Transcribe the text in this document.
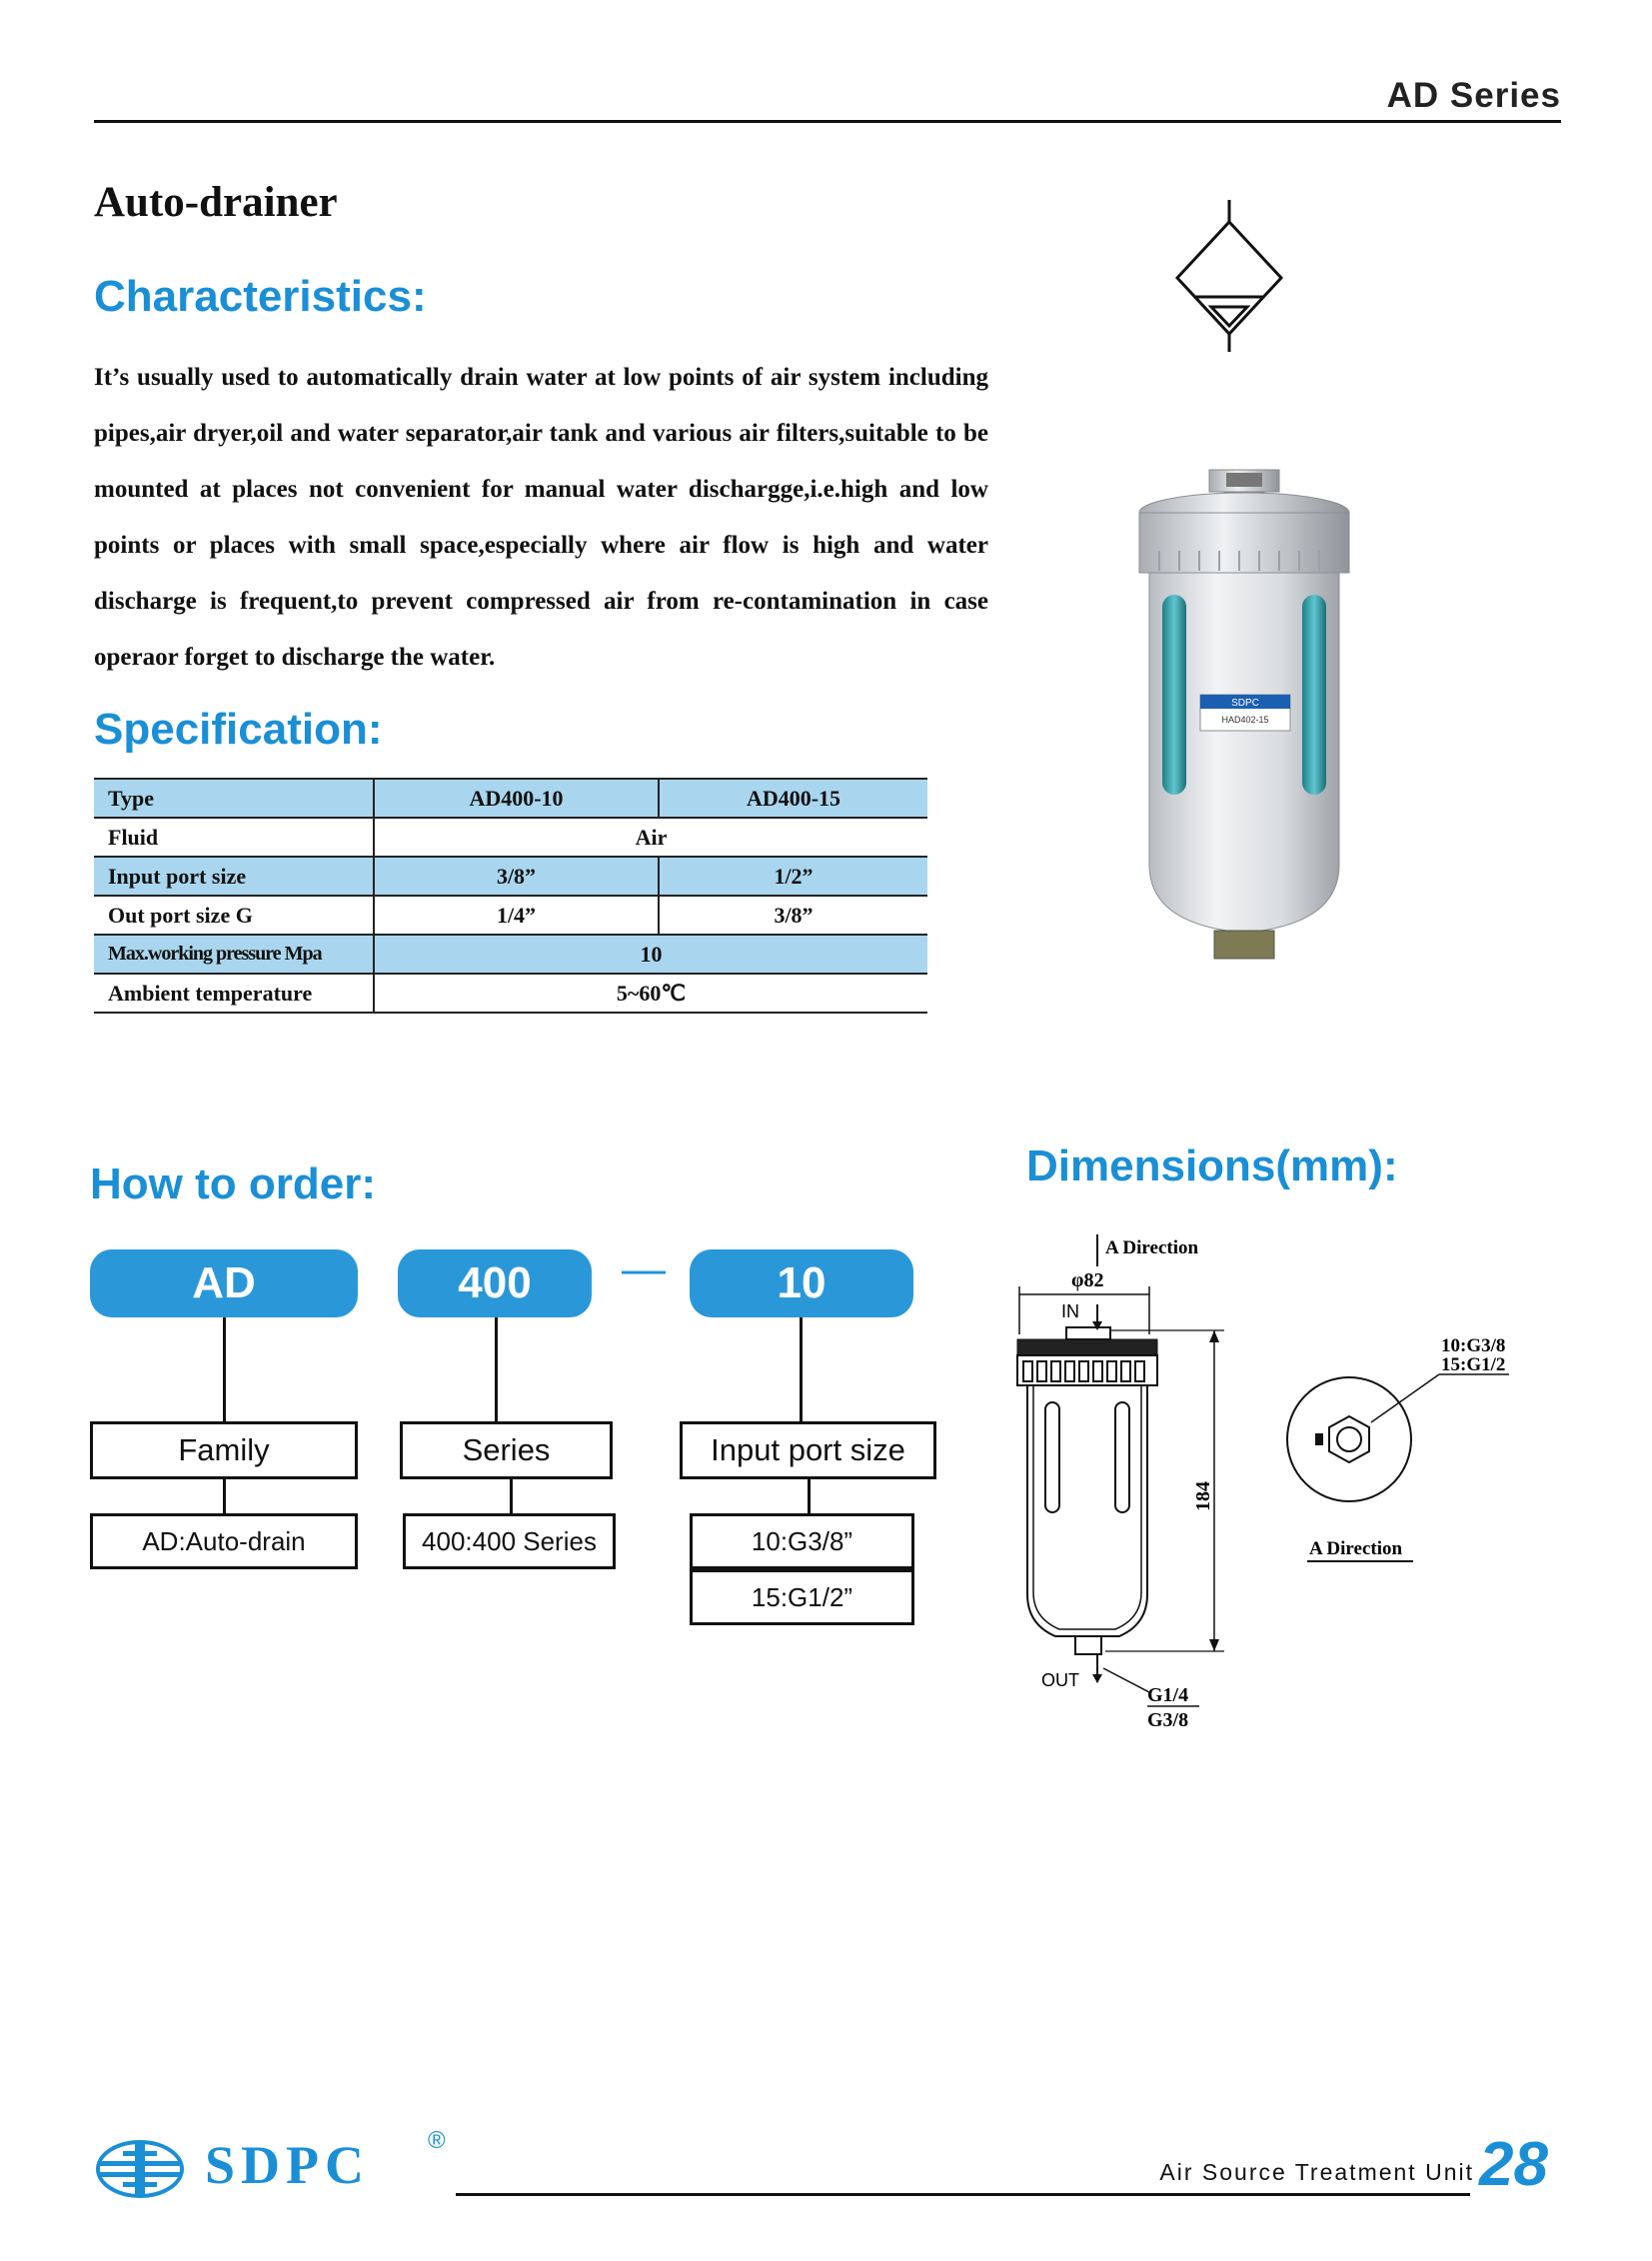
AD Series
Auto-drainer
Characteristics:
It’s usually used to automatically drain water at low points of air system including pipes,air dryer,oil and water separator,air tank and various air filters,suitable to be mounted at places not convenient for manual water discharggе,i.e.high and low points or places with small space,especially where air flow is high and water discharge is frequent,to prevent compressed air from re-contamination in case operaor forget to discharge the water.
SDPC
HAD402-15
Specification:
Type	AD400-10	AD400-15
Fluid	Air	
Input port size	3/8”	1/2”
Out port size G	1/4”	3/8”
Max.working pressure Mpa	10	
Ambient temperature	5~60℃	
How to order:
AD	400	—	10
Family	Series	Input port size
AD:Auto-drain	400:400 Series	10:G3/8”
15:G1/2”
Dimensions(mm):
A Direction
φ82
IN
OUT
G1/4
G3/8
184
10:G3/8
15:G1/2
A Direction
SDPC ®
Air Source Treatment Unit 28
